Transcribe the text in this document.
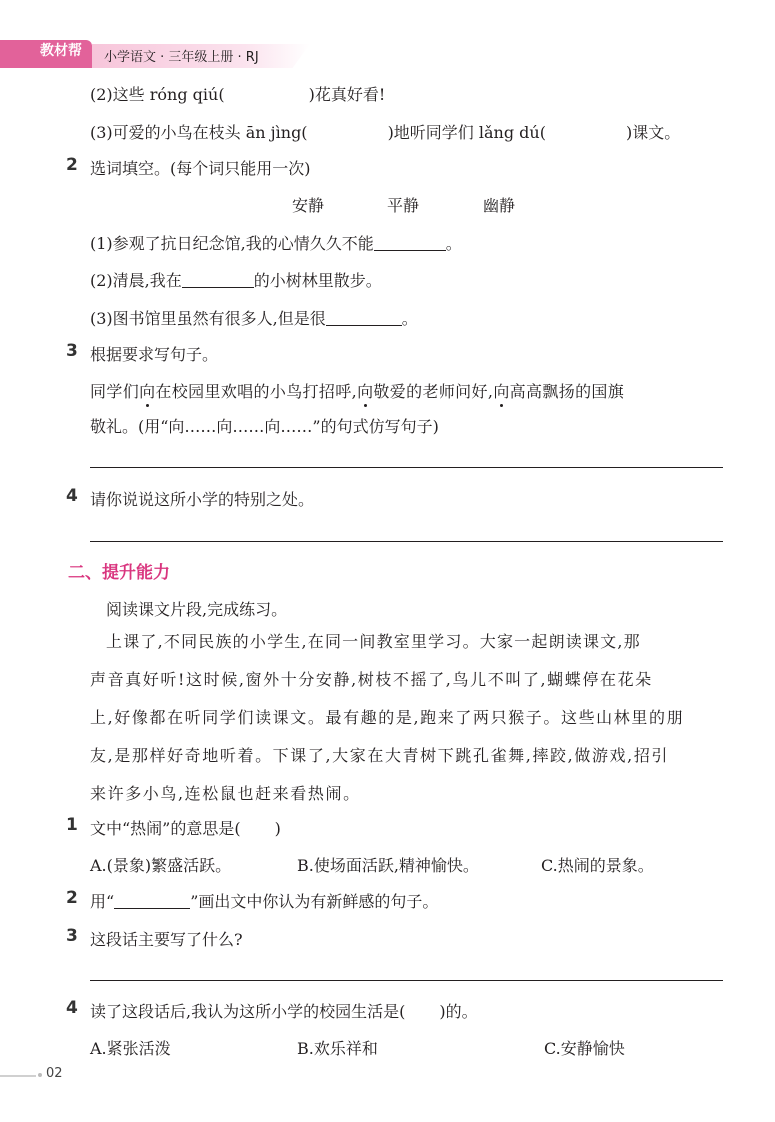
教材帮	小学语文 · 三年级上册 · RJ
(2)这些 róng qiú(	)花真好看!
(3)可爱的小鸟在枝头 ān jìng(	)地听同学们 lǎng dú(	)课文。
2 选词填空。(每个词只能用一次)
安静	平静	幽静
(1)参观了抗日纪念馆,我的心情久久不能	。
(2)清晨,我在	的小树林里散步。
(3)图书馆里虽然有很多人,但是很	。
3 根据要求写句子。
同学们向在校园里欢唱的小鸟打招呼,向敬爱的老师问好,向高高飘扬的国旗
敬礼。(用“向……向……向……”的句式仿写句子)
4 请你说说这所小学的特别之处。
二、提升能力
阅读课文片段,完成练习。
上课了,不同民族的小学生,在同一间教室里学习。大家一起朗读课文,那
声音真好听!这时候,窗外十分安静,树枝不摇了,鸟儿不叫了,蝴蝶停在花朵
上,好像都在听同学们读课文。最有趣的是,跑来了两只猴子。这些山林里的朋
友,是那样好奇地听着。下课了,大家在大青树下跳孔雀舞,摔跤,做游戏,招引
来许多小鸟,连松鼠也赶来看热闹。
1 文中“热闹”的意思是( )
A.(景象)繁盛活跃。	B.使场面活跃,精神愉快。	C.热闹的景象。
2 用“	”画出文中你认为有新鲜感的句子。
3 这段话主要写了什么?
4 读了这段话后,我认为这所小学的校园生活是( )的。
A.紧张活泼	B.欢乐祥和	C.安静愉快
02
